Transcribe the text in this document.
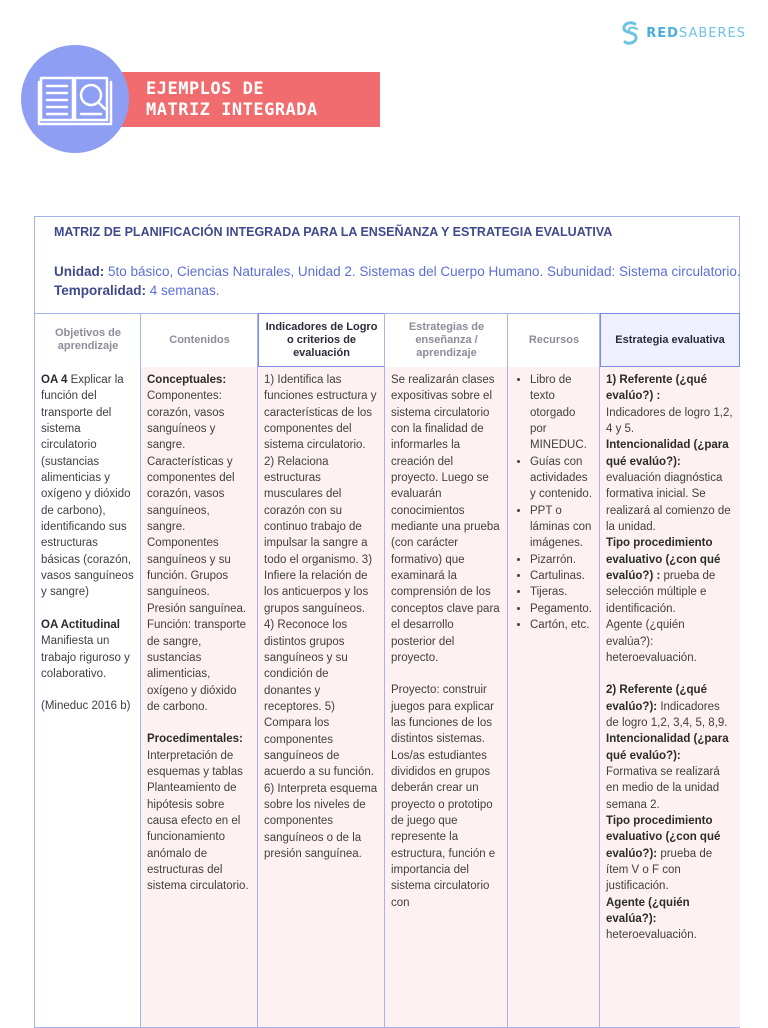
REDSABERES
EJEMPLOS DE
MATRIZ INTEGRADA
MATRIZ DE PLANIFICACIÓN INTEGRADA PARA LA ENSEÑANZA Y ESTRATEGIA EVALUATIVA
Unidad: 5to básico, Ciencias Naturales, Unidad 2. Sistemas del Cuerpo Humano. Subunidad: Sistema circulatorio.
Temporalidad: 4 semanas.

OA 4 Explicar la función del transporte del sistema circulatorio (sustancias alimenticias y oxígeno y dióxido de carbono), identificando sus estructuras básicas (corazón, vasos sanguíneos y sangre)

OA Actitudinal

Manifiesta un trabajo riguroso y colaborativo.

(Mineduc 2016 b)

Conceptuales:

Componentes: corazón, vasos sanguíneos y sangre. Características y componentes del corazón, vasos sanguíneos, sangre. Componentes sanguíneos y su función. Grupos sanguíneos. Presión sanguínea. Función: transporte de sangre, sustancias alimenticias, oxígeno y dióxido de carbono.

Procedimentales:

Interpretación de esquemas y tablas Planteamiento de hipótesis sobre causa efecto en el funcionamiento anómalo de estructuras del sistema circulatorio.

1) Identifica las funciones estructura y características de los componentes del sistema circulatorio. 2) Relaciona estructuras musculares del corazón con su continuo trabajo de impulsar la sangre a todo el organismo. 3) Infiere la relación de los anticuerpos y los grupos sanguíneos. 4) Reconoce los distintos grupos sanguíneos y su condición de donantes y receptores. 5) Compara los componentes sanguíneos de acuerdo a su función. 6) Interpreta esquema sobre los niveles de componentes sanguíneos o de la presión sanguínea.

Se realizarán clases expositivas sobre el sistema circulatorio con la finalidad de informarles la creación del proyecto. Luego se evaluarán conocimientos mediante una prueba (con carácter formativo) que examinará la comprensión de los conceptos clave para el desarrollo posterior del proyecto.

Proyecto: construir juegos para explicar las funciones de los distintos sistemas. Los/as estudiantes divididos en grupos deberán crear un proyecto o prototipo de juego que represente la estructura, función e importancia del sistema circulatorio con

• Libro de texto otorgado por MINEDUC.
• Guías con actividades y contenido.
• PPT o láminas con imágenes.
• Pizarrón.
• Cartulinas.
• Tijeras.
• Pegamento.
• Cartón, etc.

1) Referente (¿qué evalúo?) :

Indicadores de logro 1,2, 4 y 5.

Intencionalidad (¿para qué evalúo?): evaluación diagnóstica formativa inicial. Se realizará al comienzo de la unidad.

Tipo procedimiento evaluativo (¿con qué evalúo?) : prueba de selección múltiple e identificación.

Agente (¿quién evalúa?): heteroevaluación.

2) Referente (¿qué evalúo?): Indicadores de logro 1,2, 3,4, 5, 8,9.

Intencionalidad (¿para qué evalúo?): Formativa se realizará en medio de la unidad semana 2.

Tipo procedimiento evaluativo (¿con qué evalúo?): prueba de ítem V o F con justificación.

Agente (¿quién evalúa?): heteroevaluación.

Objetivos de aprendizaje
Contenidos
Indicadores de Logro o criterios de evaluación
Estrategias de enseñanza / aprendizaje
Recursos	Estrategia evaluativa
